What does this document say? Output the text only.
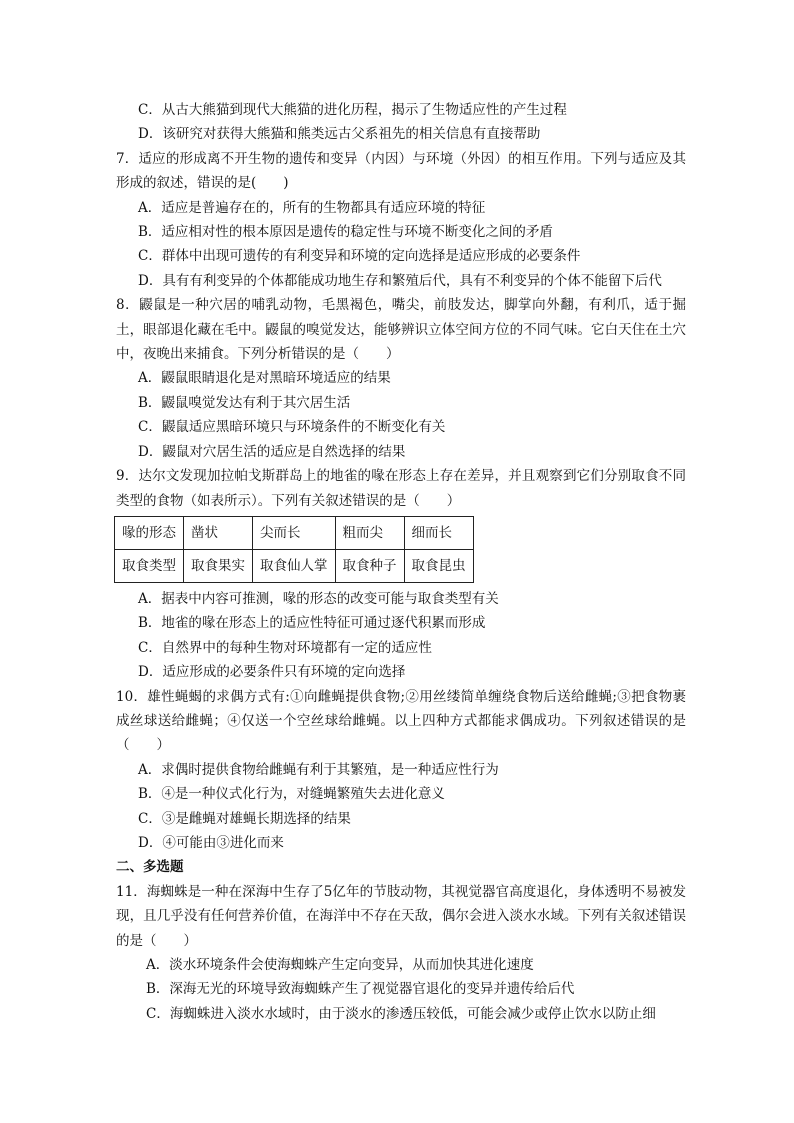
C．从古大熊猫到现代大熊猫的进化历程，揭示了生物适应性的产生过程

D．该研究对获得大熊猫和熊类远古父系祖先的相关信息有直接帮助

7．适应的形成离不开生物的遗传和变异（内因）与环境（外因）的相互作用。下列与适应及其形成的叙述，错误的是(　　)

A．适应是普遍存在的，所有的生物都具有适应环境的特征

B．适应相对性的根本原因是遗传的稳定性与环境不断变化之间的矛盾

C．群体中出现可遗传的有利变异和环境的定向选择是适应形成的必要条件

D．具有有利变异的个体都能成功地生存和繁殖后代，具有不利变异的个体不能留下后代

8．鼹鼠是一种穴居的哺乳动物，毛黑褐色，嘴尖，前肢发达，脚掌向外翻，有利爪，适于掘土，眼部退化藏在毛中。鼹鼠的嗅觉发达，能够辨识立体空间方位的不同气味。它白天住在土穴中，夜晚出来捕食。下列分析错误的是（　　）

A．鼹鼠眼睛退化是对黑暗环境适应的结果

B．鼹鼠嗅觉发达有利于其穴居生活

C．鼹鼠适应黑暗环境只与环境条件的不断变化有关

D．鼹鼠对穴居生活的适应是自然选择的结果

9．达尔文发现加拉帕戈斯群岛上的地雀的喙在形态上存在差异，并且观察到它们分别取食不同类型的食物（如表所示）。下列有关叙述错误的是（　　）

喙的形态	凿状	尖而长	粗而尖	细而长
取食类型	取食果实	取食仙人掌	取食种子	取食昆虫

A．据表中内容可推测，喙的形态的改变可能与取食类型有关

B．地雀的喙在形态上的适应性特征可通过逐代积累而形成

C．自然界中的每种生物对环境都有一定的适应性

D．适应形成的必要条件只有环境的定向选择

10．雄性蝇蝎的求偶方式有:①向雌蝇提供食物;②用丝缕简单缠绕食物后送给雌蝇;③把食物裹成丝球送给雌蝇；④仅送一个空丝球给雌蝇。以上四种方式都能求偶成功。下列叙述错误的是（　　）

A．求偶时提供食物给雌蝇有利于其繁殖，是一种适应性行为

B．④是一种仪式化行为，对缝蝇繁殖失去进化意义

C．③是雌蝇对雄蝇长期选择的结果

D．④可能由③进化而来

二、多选题

11．海蜘蛛是一种在深海中生存了5亿年的节肢动物，其视觉器官高度退化，身体透明不易被发现，且几乎没有任何营养价值，在海洋中不存在天敌，偶尔会进入淡水水域。下列有关叙述错误的是（　　）

A．淡水环境条件会使海蜘蛛产生定向变异，从而加快其进化速度

B．深海无光的环境导致海蜘蛛产生了视觉器官退化的变异并遗传给后代

C．海蜘蛛进入淡水水域时，由于淡水的渗透压较低，可能会减少或停止饮水以防止细
